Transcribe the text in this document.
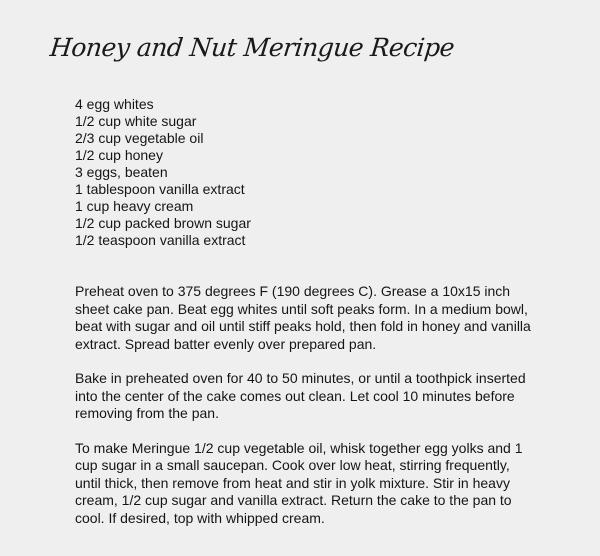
Honey and Nut Meringue Recipe
4 egg whites
1/2 cup white sugar
2/3 cup vegetable oil
1/2 cup honey
3 eggs, beaten
1 tablespoon vanilla extract
1 cup heavy cream
1/2 cup packed brown sugar
1/2 teaspoon vanilla extract

Preheat oven to 375 degrees F (190 degrees C). Grease a 10x15 inch sheet cake pan. Beat egg whites until soft peaks form. In a medium bowl, beat with sugar and oil until stiff peaks hold, then fold in honey and vanilla extract. Spread batter evenly over prepared pan.

Bake in preheated oven for 40 to 50 minutes, or until a toothpick inserted into the center of the cake comes out clean. Let cool 10 minutes before removing from the pan.

To make Meringue 1/2 cup vegetable oil, whisk together egg yolks and 1 cup sugar in a small saucepan. Cook over low heat, stirring frequently, until thick, then remove from heat and stir in yolk mixture. Stir in heavy cream, 1/2 cup sugar and vanilla extract. Return the cake to the pan to cool. If desired, top with whipped cream.
